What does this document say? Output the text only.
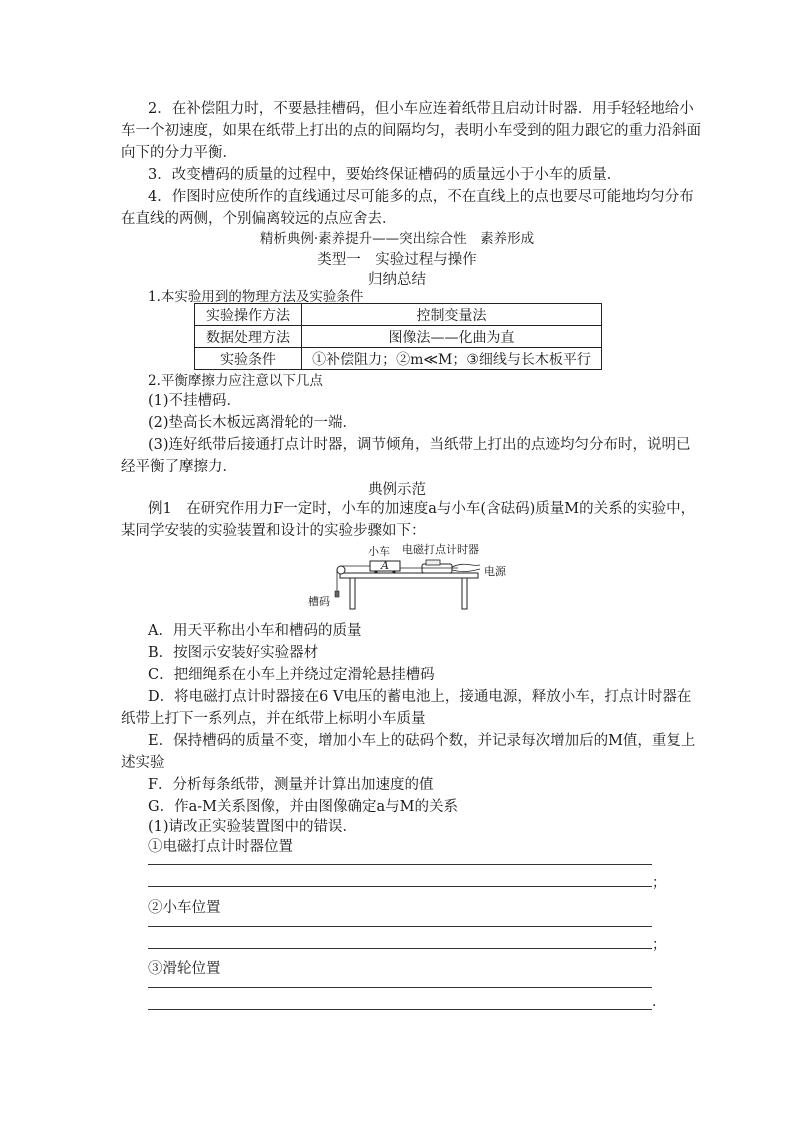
2．在补偿阻力时，不要悬挂槽码，但小车应连着纸带且启动计时器．用手轻轻地给小
车一个初速度，如果在纸带上打出的点的间隔均匀，表明小车受到的阻力跟它的重力沿斜面
向下的分力平衡．
3．改变槽码的质量的过程中，要始终保证槽码的质量远小于小车的质量．
4．作图时应使所作的直线通过尽可能多的点，不在直线上的点也要尽可能地均匀分布
在直线的两侧，个别偏离较远的点应舍去．
精析典例·素养提升——突出综合性　素养形成
类型一　实验过程与操作
归纳总结
1.本实验用到的物理方法及实验条件
实验操作方法	控制变量法
数据处理方法	图像法——化曲为直
实验条件	①补偿阻力；②m≪M；③细线与长木板平行
2.平衡摩擦力应注意以下几点
(1)不挂槽码．
(2)垫高长木板远离滑轮的一端．
(3)连好纸带后接通打点计时器，调节倾角，当纸带上打出的点迹均匀分布时，说明已
经平衡了摩擦力．
典例示范
例1　在研究作用力F一定时，小车的加速度a与小车(含砝码)质量M的关系的实验中，
某同学安装的实验装置和设计的实验步骤如下：
小车 电磁打点计时器
A	电源
槽码
A．用天平称出小车和槽码的质量
B．按图示安装好实验器材
C．把细绳系在小车上并绕过定滑轮悬挂槽码
D．将电磁打点计时器接在6 V电压的蓄电池上，接通电源，释放小车，打点计时器在
纸带上打下一系列点，并在纸带上标明小车质量
E．保持槽码的质量不变，增加小车上的砝码个数，并记录每次增加后的M值，重复上
述实验
F．分析每条纸带，测量并计算出加速度的值
G．作a-M关系图像，并由图像确定a与M的关系
(1)请改正实验装置图中的错误．
①电磁打点计时器位置
；
②小车位置
；
③滑轮位置
.
